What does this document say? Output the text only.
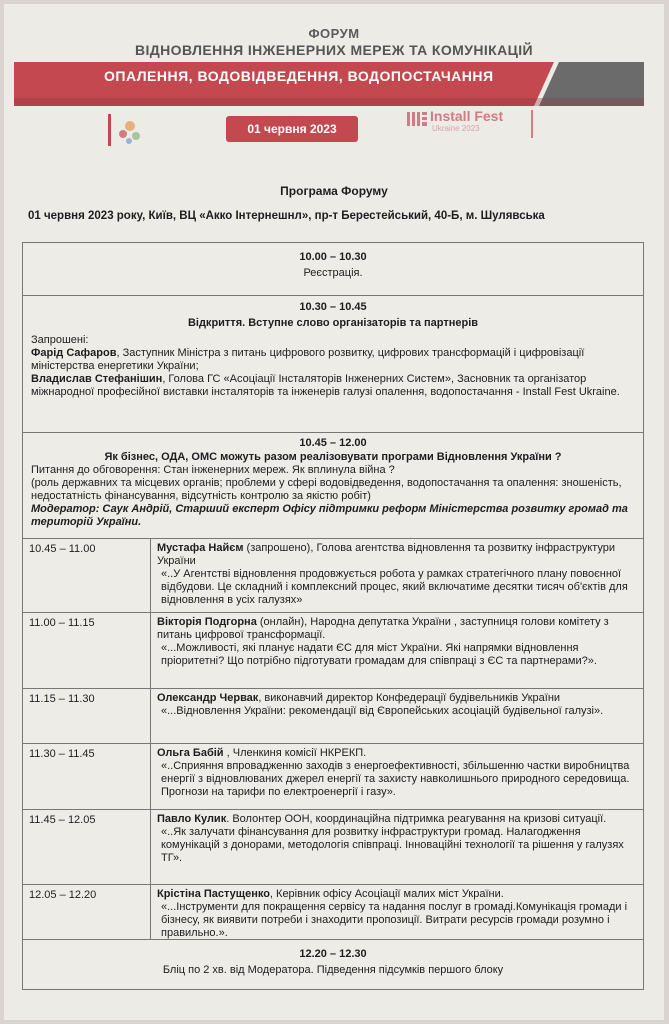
ФОРУМ
ВІДНОВЛЕННЯ ІНЖЕНЕРНИХ МЕРЕЖ ТА КОМУНІКАЦІЙ
ОПАЛЕННЯ, ВОДОВІДВЕДЕННЯ, ВОДОПОСТАЧАННЯ
01 червня 2023
Install Fest
Ukraine 2023
Програма Форуму
01 червня 2023 року, Київ, ВЦ «Акко Інтернешнл», пр-т Берестейський, 40-Б, м. Шулявська
10.00 – 10.30
Реєстрація.
10.30 – 10.45
Відкриття. Вступне слово організаторів та партнерів
Запрошені:
Фарід Сафаров, Заступник Міністра з питань цифрового розвитку, цифрових трансформацій і цифровізації міністерства енергетики України;
Владислав Стефанішин, Голова ГС «Асоціації Інсталяторів Інженерних Систем», Засновник та організатор міжнародної професійної виставки інсталяторів та інженерів галузі опалення, водопостачання - Install Fest Ukraine.
10.45 – 12.00
Як бізнес, ОДА, ОМС можуть разом реалізовувати програми Відновлення України ?
Питання до обговорення: Стан інженерних мереж. Як вплинула війна ?
(роль державних та місцевих органів; проблеми у сфері водовідведення, водопостачання та опалення: зношеність, недостатність фінансування, відсутність контролю за якістю робіт)
Модератор: Саук Андрій, Старший експерт Офісу підтримки реформ Міністерства розвитку громад та територій України.
10.45 – 11.00	Мустафа Найєм (запрошено), Голова агентства відновлення та розвитку інфраструктури України
«..У Агентстві відновлення продовжується робота у рамках стратегічного плану повоєнної відбудови. Це складний і комплексний процес, який включатиме десятки тисяч об'єктів для відновлення в усіх галузях»
11.00 – 11.15	Вікторія Подгорна (онлайн), Народна депутатка України , заступниця голови комітету з питань цифрової трансформації.
«...Можливості, які планує надати ЄС для міст України. Які напрямки відновлення пріоритетні? Що потрібно підготувати громадам для співпраці з ЄС та партнерами?».
11.15 – 11.30	Олександр Червак, виконавчий директор Конфедерації будівельників України
«...Відновлення України: рекомендації від Європейських асоціацій будівельної галузі».
11.30 – 11.45	Ольга Бабій , Членкиня комісії НКРЕКП.
«..Сприяння впровадженню заходів з енергоефективності, збільшенню частки виробництва енергії з відновлюваних джерел енергії та захисту навколишнього природного середовища. Прогнози на тарифи по електроенергії і газу».
11.45 – 12.05	Павло Кулик. Волонтер ООН, координаційна підтримка реагування на кризові ситуації.
«..Як залучати фінансування для розвитку інфраструктури громад. Налагодження комунікацій з донорами, методологія співпраці. Інноваційні технології та рішення у галузях ТГ».
12.05 – 12.20	Крістіна Пастущенко, Керівник офісу Асоціації малих міст України.
«...Інструменти для покращення сервісу та надання послуг в громаді.Комунікація громади і бізнесу, як виявити потреби і знаходити пропозиції. Витрати ресурсів громади розумно і правильно.».
12.20 – 12.30
Бліц по 2 хв. від Модератора. Підведення підсумків першого блоку
